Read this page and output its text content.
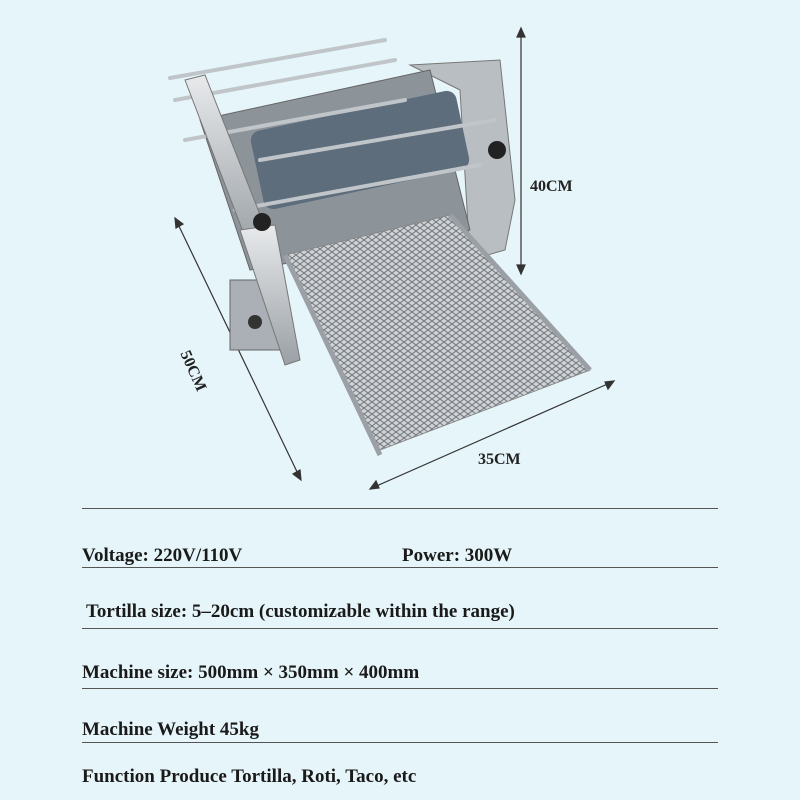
40CM
50CM
35CM
Voltage: 220V/110V	Power: 300W
Tortilla size: 5–20cm (customizable within the range)
Machine size: 500mm × 350mm × 400mm
Machine Weight 45kg
Function Produce Tortilla, Roti, Taco, etc
